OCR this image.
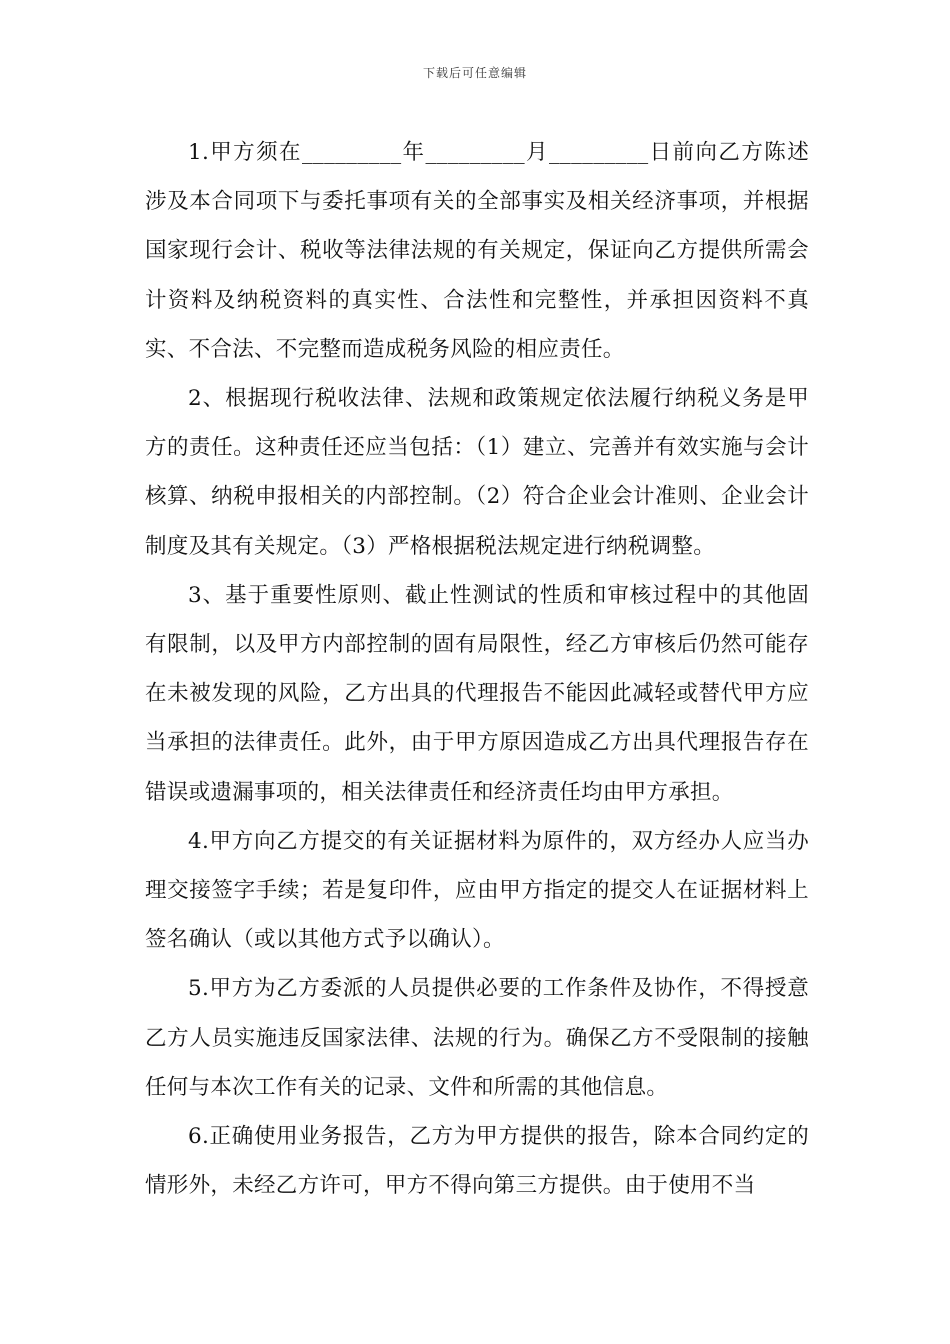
下载后可任意编辑

1.甲方须在_________年_________月_________日前向乙方陈述涉及本合同项下与委托事项有关的全部事实及相关经济事项，并根据国家现行会计、税收等法律法规的有关规定，保证向乙方提供所需会计资料及纳税资料的真实性、合法性和完整性，并承担因资料不真实、不合法、不完整而造成税务风险的相应责任。

2、根据现行税收法律、法规和政策规定依法履行纳税义务是甲方的责任。这种责任还应当包括：（1）建立、完善并有效实施与会计核算、纳税申报相关的内部控制。（2）符合企业会计准则、企业会计制度及其有关规定。（3）严格根据税法规定进行纳税调整。

3、基于重要性原则、截止性测试的性质和审核过程中的其他固有限制，以及甲方内部控制的固有局限性，经乙方审核后仍然可能存在未被发现的风险，乙方出具的代理报告不能因此减轻或替代甲方应当承担的法律责任。此外，由于甲方原因造成乙方出具代理报告存在错误或遗漏事项的，相关法律责任和经济责任均由甲方承担。

4.甲方向乙方提交的有关证据材料为原件的，双方经办人应当办理交接签字手续；若是复印件，应由甲方指定的提交人在证据材料上签名确认（或以其他方式予以确认）。

5.甲方为乙方委派的人员提供必要的工作条件及协作，不得授意乙方人员实施违反国家法律、法规的行为。确保乙方不受限制的接触任何与本次工作有关的记录、文件和所需的其他信息。

6.正确使用业务报告，乙方为甲方提供的报告，除本合同约定的情形外，未经乙方许可，甲方不得向第三方提供。由于使用不当
